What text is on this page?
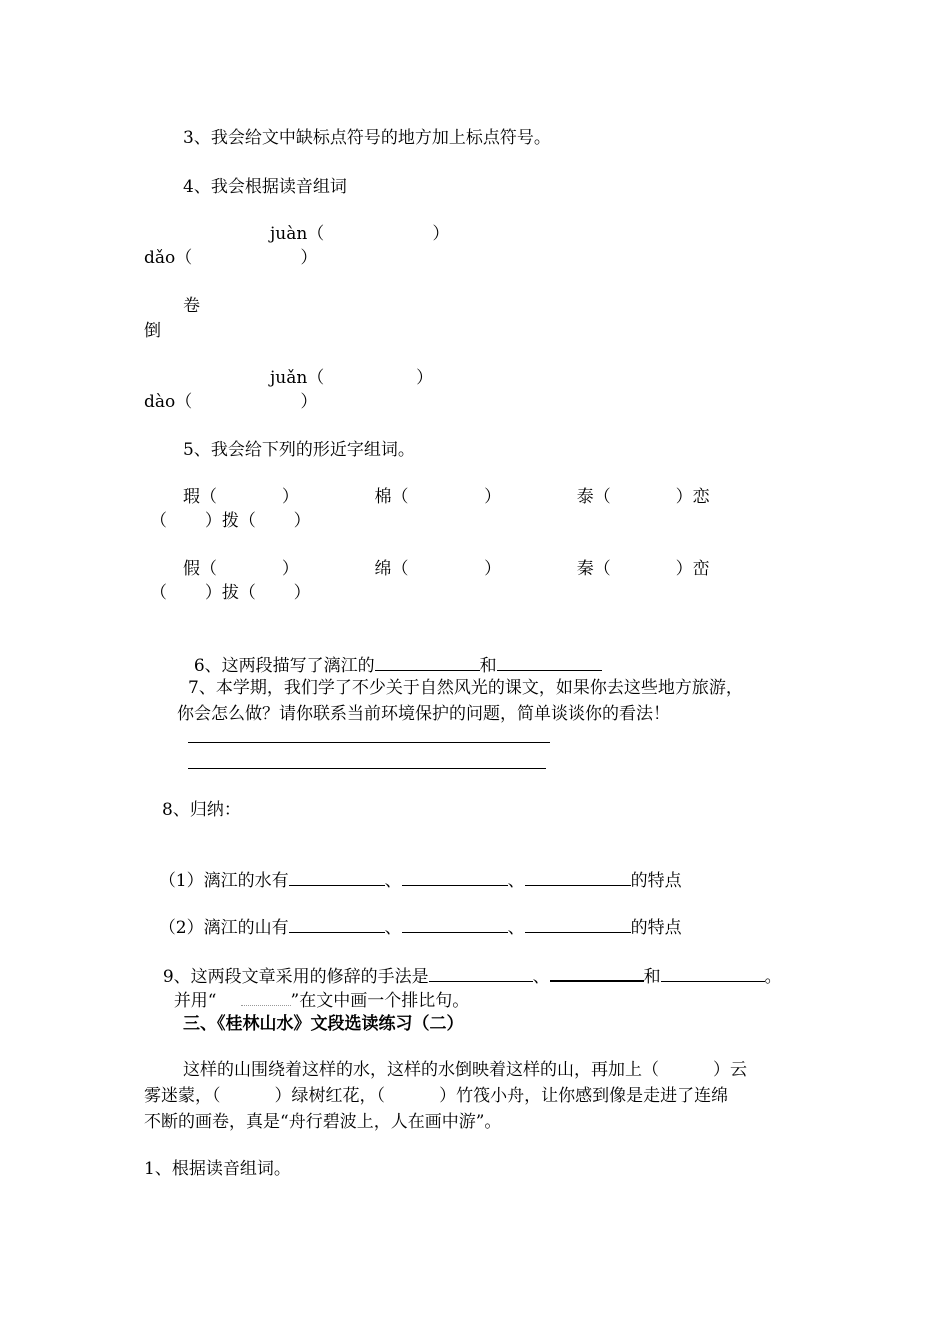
3、我会给文中缺标点符号的地方加上标点符号。
4、我会根据读音组词
juàn（                    ）
dǎo（                    ）
卷
倒
juǎn（                 ）
dào（                    ）
5、我会给下列的形近字组词。
瑕（            ）              棉（              ）              泰（            ）恋
（       ）拨（       ）
假（            ）              绵（              ）              秦（            ）峦
（       ）拔（       ）

6、这两段描写了漓江的	和

7、本学期，我们学了不少关于自然风光的课文，如果你去这些地方旅游，
你会怎么做？请你联系当前环境保护的问题，简单谈谈你的看法！
8、归纳：

（1）漓江的水有	、	、	的特点

（2）漓江的山有	、	、	的特点

9、这两段文章采用的修辞的手法是	、	和	。

并用“	”在文中画一个排比句。

三、《桂林山水》文段选读练习（二）
这样的山围绕着这样的水，这样的水倒映着这样的山，再加上（          ）云
雾迷蒙，（          ）绿树红花，（          ）竹筏小舟，让你感到像是走进了连绵
不断的画卷，真是“舟行碧波上，人在画中游”。
1、根据读音组词。
